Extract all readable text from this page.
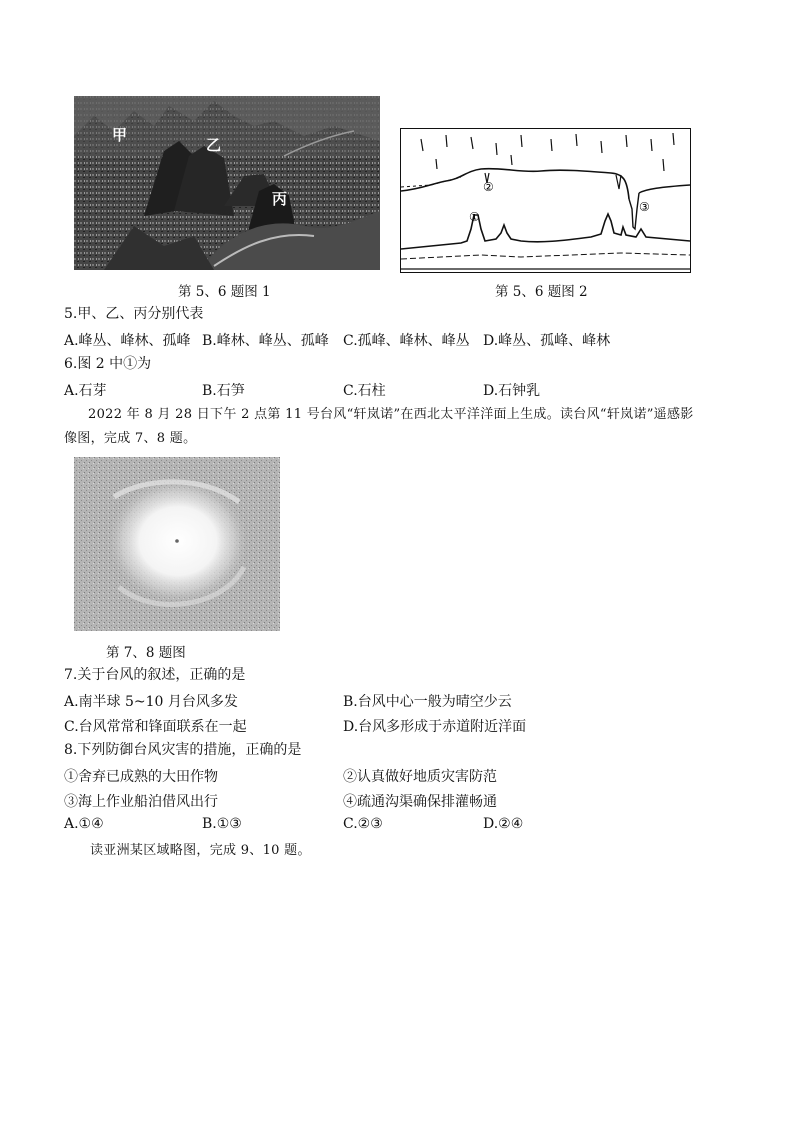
甲
乙
丙
第 5、6 题图 1
①
②
③
第 5、6 题图 2
5.甲、乙、丙分别代表
A.峰丛、峰林、孤峰 B.峰林、峰丛、孤峰 C.孤峰、峰林、峰丛 D.峰丛、孤峰、峰林
6.图 2 中①为
A.石芽	B.石笋	C.石柱	D.石钟乳
2022 年 8 月 28 日下午 2 点第 11 号台风“轩岚诺”在西北太平洋洋面上生成。读台风“轩岚诺”遥感影
像图，完成 7、8 题。
第 7、8 题图
7.关于台风的叙述，正确的是
A.南半球 5~10 月台风多发	B.台风中心一般为晴空少云
C.台风常常和锋面联系在一起	D.台风多形成于赤道附近洋面
8.下列防御台风灾害的措施，正确的是
①舍弃已成熟的大田作物	②认真做好地质灾害防范
③海上作业船泊借风出行	④疏通沟渠确保排灌畅通
A.①④	B.①③	C.②③	D.②④
读亚洲某区域略图，完成 9、10 题。
